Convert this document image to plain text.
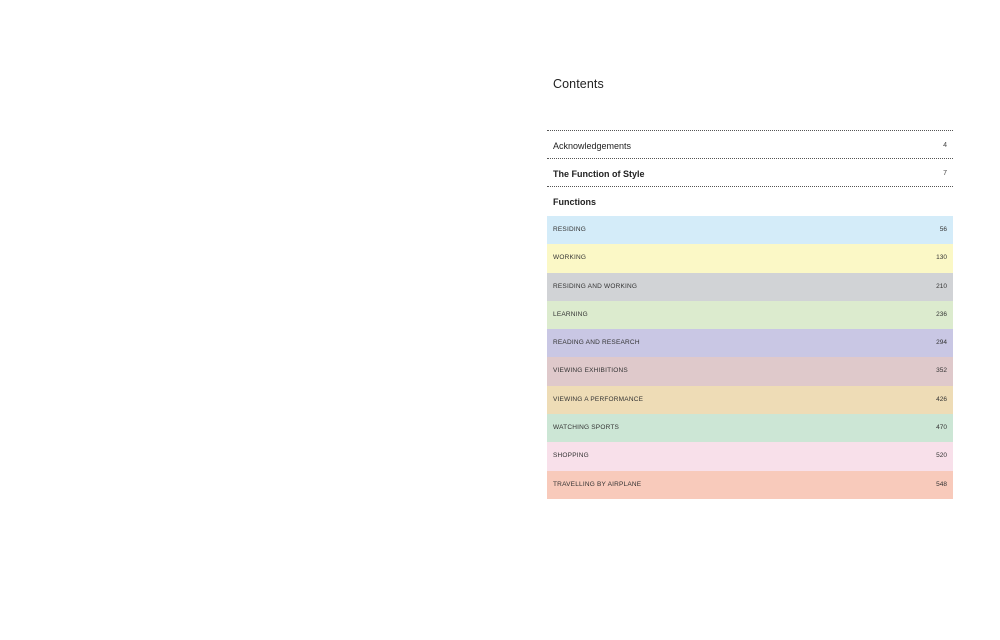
Contents
Acknowledgements	4
The Function of Style	7
Functions
RESIDING	56
WORKING	130
RESIDING AND WORKING	210
LEARNING	236
READING AND RESEARCH	294
VIEWING EXHIBITIONS	352
VIEWING A PERFORMANCE	426
WATCHING SPORTS	470
SHOPPING	520
TRAVELLING BY AIRPLANE	548
